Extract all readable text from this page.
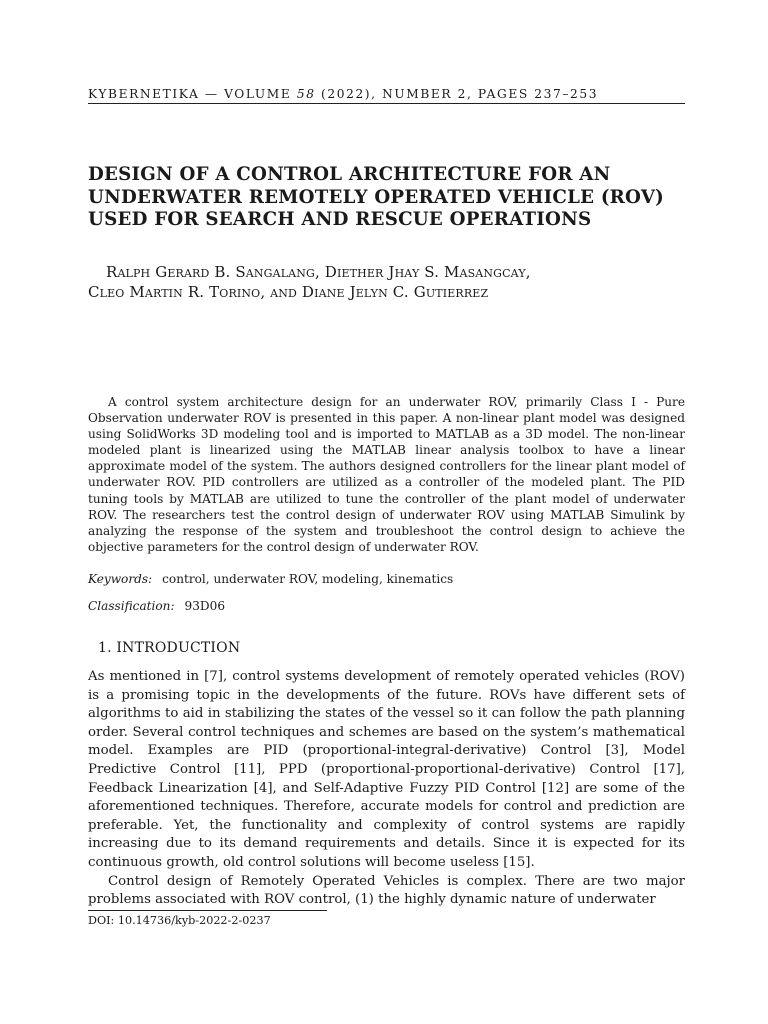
KYBERNETIKA — VOLUME 58 (2022), NUMBER 2, PAGES 237–253
DESIGN OF A CONTROL ARCHITECTURE FOR AN
UNDERWATER REMOTELY OPERATED VEHICLE (ROV)
USED FOR SEARCH AND RESCUE OPERATIONS
Ralph Gerard B. Sangalang, Diether Jhay S. Masangcay,
Cleo Martin R. Torino, and Diane Jelyn C. Gutierrez

A control system architecture design for an underwater ROV, primarily Class I - Pure Observation underwater ROV is presented in this paper. A non-linear plant model was designed using SolidWorks 3D modeling tool and is imported to MATLAB as a 3D model. The non-linear modeled plant is linearized using the MATLAB linear analysis toolbox to have a linear approximate model of the system. The authors designed controllers for the linear plant model of underwater ROV. PID controllers are utilized as a controller of the modeled plant. The PID tuning tools by MATLAB are utilized to tune the controller of the plant model of underwater ROV. The researchers test the control design of underwater ROV using MATLAB Simulink by analyzing the response of the system and troubleshoot the control design to achieve the objective parameters for the control design of underwater ROV.

Keywords: control, underwater ROV, modeling, kinematics
Classification: 93D06
1. INTRODUCTION

As mentioned in [7], control systems development of remotely operated vehicles (ROV) is a promising topic in the developments of the future. ROVs have different sets of algorithms to aid in stabilizing the states of the vessel so it can follow the path planning order. Several control techniques and schemes are based on the system’s mathematical model. Examples are PID (proportional-integral-derivative) Control [3], Model Predictive Control [11], PPD (proportional-proportional-derivative) Control [17], Feedback Linearization [4], and Self-Adaptive Fuzzy PID Control [12] are some of the aforementioned techniques. Therefore, accurate models for control and prediction are preferable. Yet, the functionality and complexity of control systems are rapidly increasing due to its demand requirements and details. Since it is expected for its continuous growth, old control solutions will become useless [15].

Control design of Remotely Operated Vehicles is complex. There are two major problems associated with ROV control, (1) the highly dynamic nature of underwater

DOI: 10.14736/kyb-2022-2-0237
